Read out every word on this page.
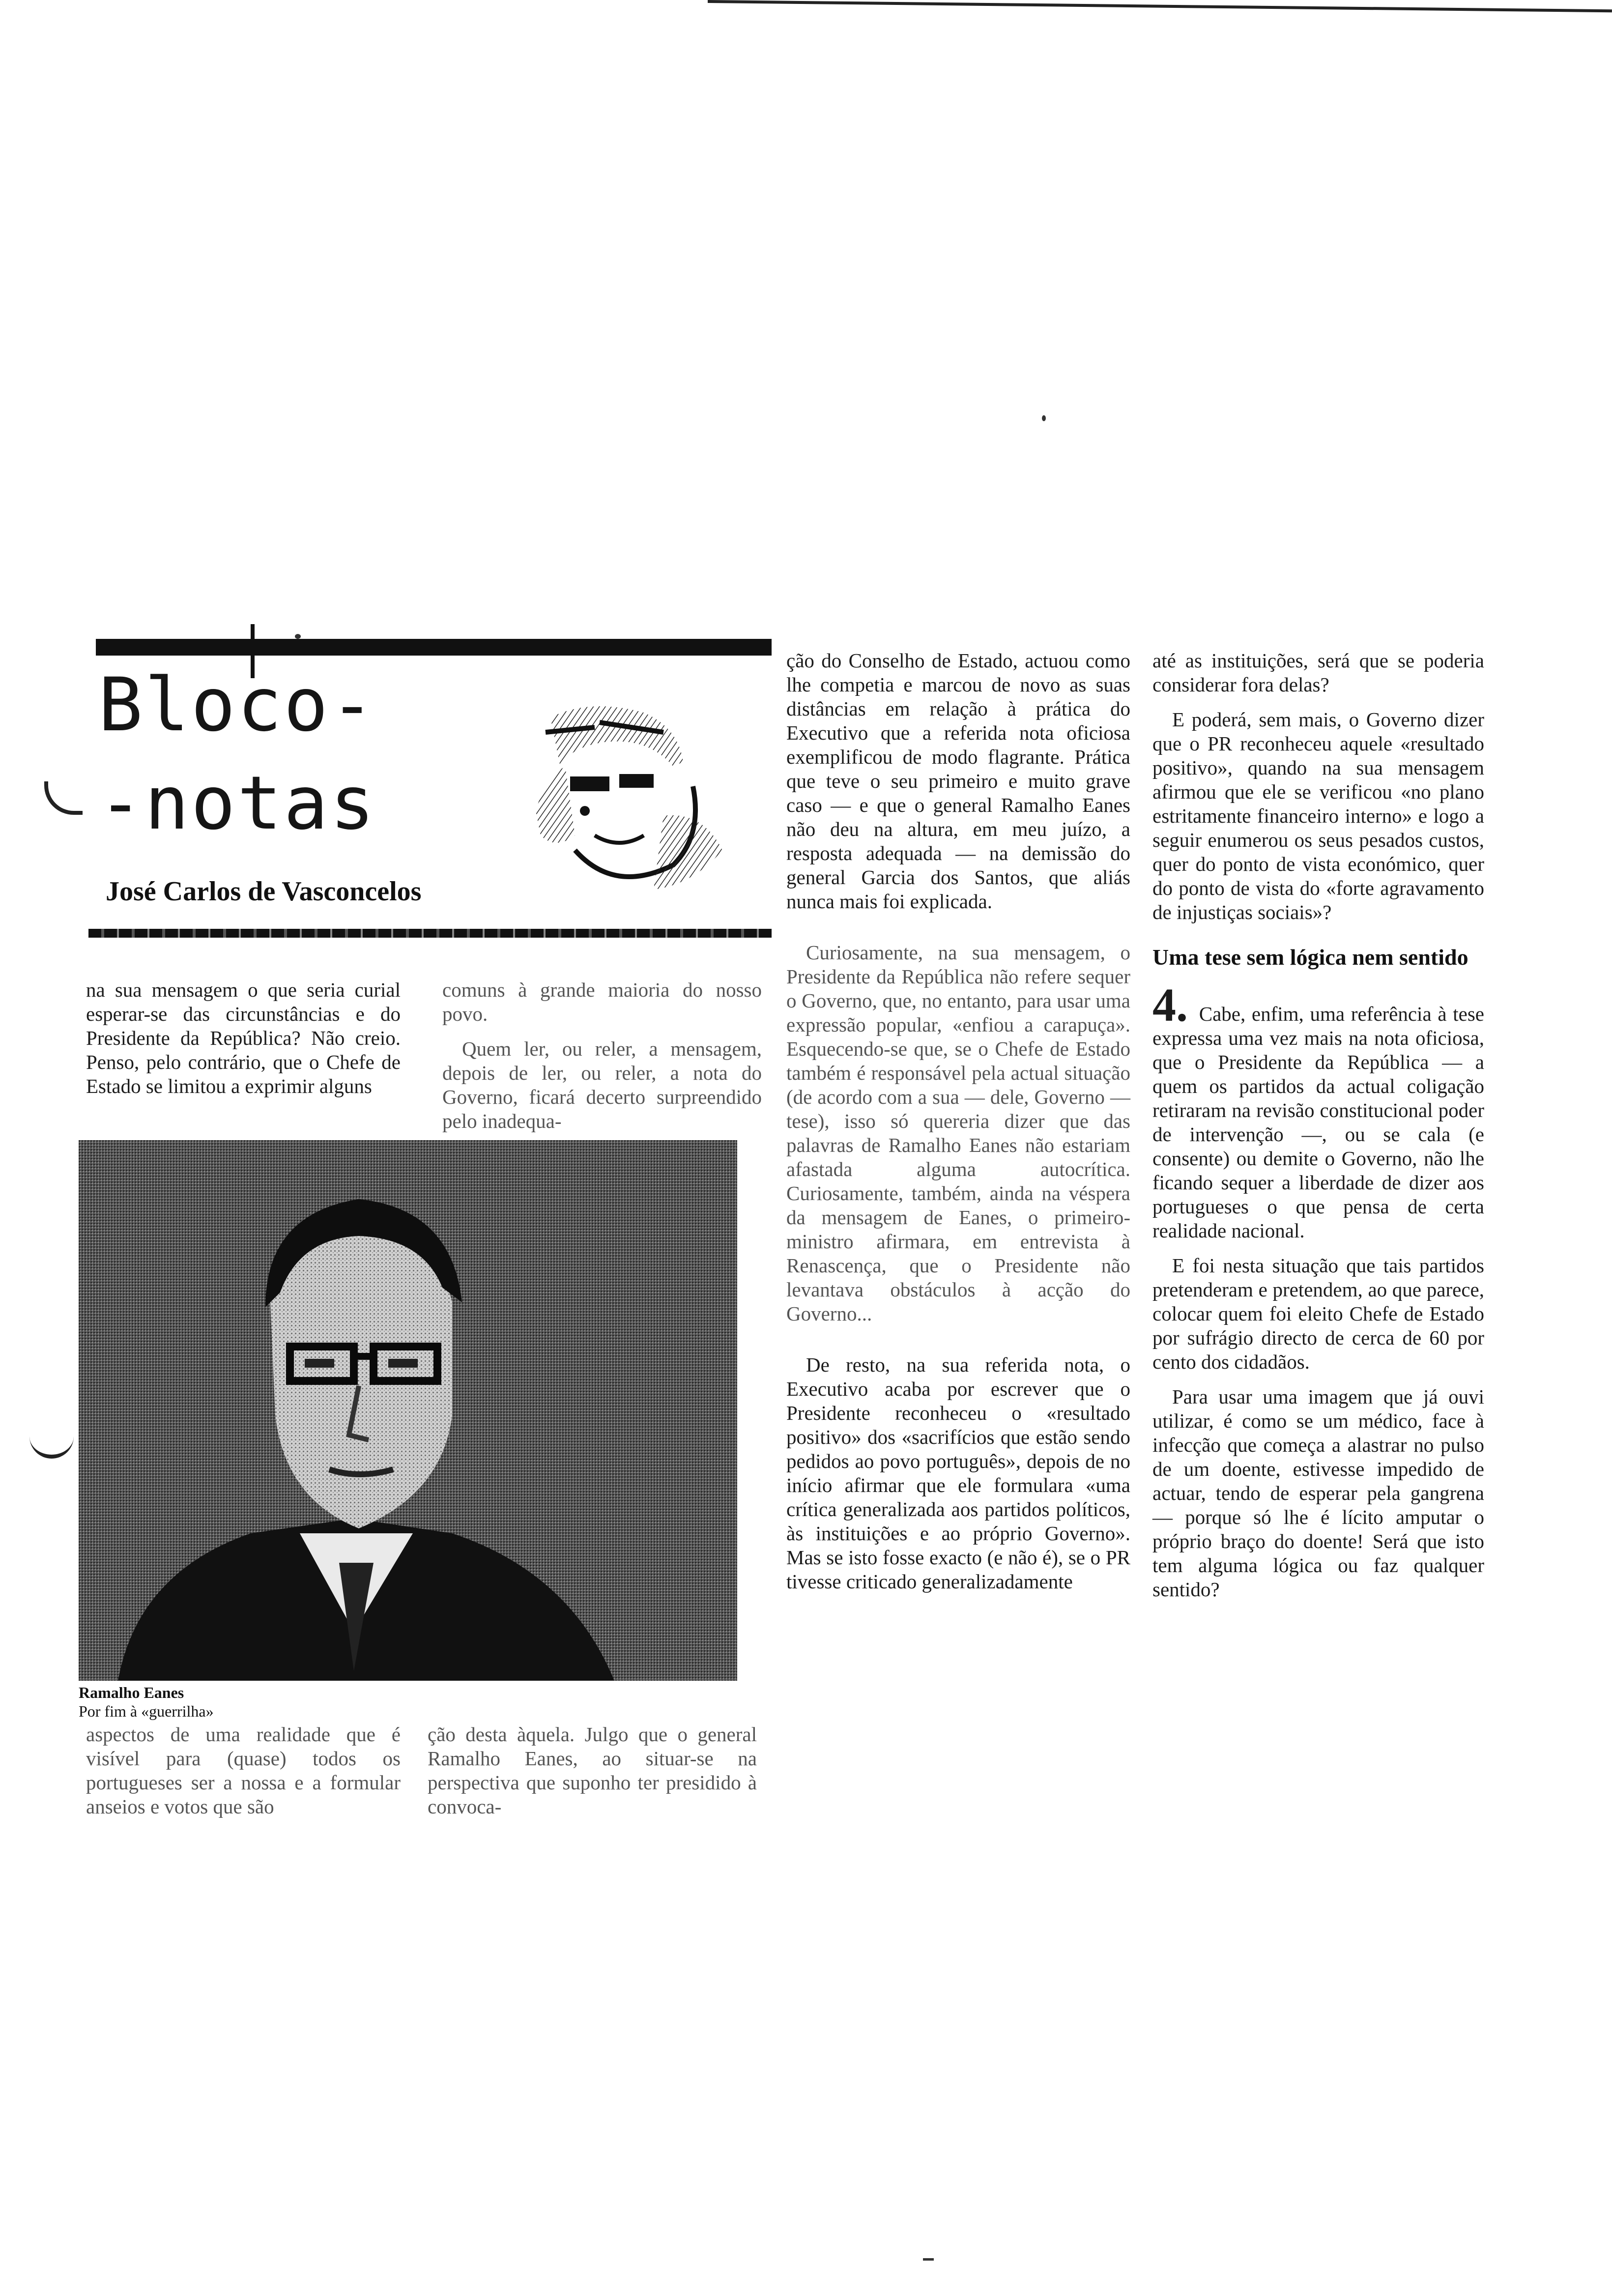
Bloco-
-notas
José Carlos de Vasconcelos

na sua mensagem o que seria curial esperar-se das circunstâncias e do Presidente da República? Não creio. Penso, pelo contrário, que o Chefe de Estado se limitou a exprimir alguns

comuns à grande maioria do nosso povo.

Quem ler, ou reler, a mensagem, depois de ler, ou reler, a nota do Governo, ficará decerto surpreendido pelo inadequa-

Ramalho Eanes
Por fim à «guerrilha»

aspectos de uma realidade que é visível para (quase) todos os portugueses ser a nossa e a formular anseios e votos que são

ção desta àquela. Julgo que o general Ramalho Eanes, ao situar-se na perspectiva que suponho ter presidido à convoca-

ção do Conselho de Estado, actuou como lhe competia e marcou de novo as suas distâncias em relação à prática do Executivo que a referida nota oficiosa exemplificou de modo flagrante. Prática que teve o seu primeiro e muito grave caso — e que o general Ramalho Eanes não deu na altura, em meu juízo, a resposta adequada — na demissão do general Garcia dos Santos, que aliás nunca mais foi explicada.

Curiosamente, na sua mensagem, o Presidente da República não refere sequer o Governo, que, no entanto, para usar uma expressão popular, «enfiou a carapuça». Esquecendo-se que, se o Chefe de Estado também é responsável pela actual situação (de acordo com a sua — dele, Governo — tese), isso só quereria dizer que das palavras de Ramalho Eanes não estariam afastada alguma autocrítica. Curiosamente, também, ainda na véspera da mensagem de Eanes, o primeiro-ministro afirmara, em entrevista à Renascença, que o Presidente não levantava obstáculos à acção do Governo...

De resto, na sua referida nota, o Executivo acaba por escrever que o Presidente reconheceu o «resultado positivo» dos «sacrifícios que estão sendo pedidos ao povo português», depois de no início afirmar que ele formulara «uma crítica generalizada aos partidos políticos, às instituições e ao próprio Governo». Mas se isto fosse exacto (e não é), se o PR tivesse criticado generalizadamente

até as instituições, será que se poderia considerar fora delas?

E poderá, sem mais, o Governo dizer que o PR reconheceu aquele «resultado positivo», quando na sua mensagem afirmou que ele se verificou «no plano estritamente financeiro interno» e logo a seguir enumerou os seus pesados custos, quer do ponto de vista económico, quer do ponto de vista do «forte agravamento de injustiças sociais»?

Uma tese sem lógica nem sentido

4. Cabe, enfim, uma referência à tese expressa uma vez mais na nota oficiosa, que o Presidente da República — a quem os partidos da actual coligação retiraram na revisão constitucional poder de intervenção —, ou se cala (e consente) ou demite o Governo, não lhe ficando sequer a liberdade de dizer aos portugueses o que pensa de certa realidade nacional.

E foi nesta situação que tais partidos pretenderam e pretendem, ao que parece, colocar quem foi eleito Chefe de Estado por sufrágio directo de cerca de 60 por cento dos cidadãos.

Para usar uma imagem que já ouvi utilizar, é como se um médico, face à infecção que começa a alastrar no pulso de um doente, estivesse impedido de actuar, tendo de esperar pela gangrena — porque só lhe é lícito amputar o próprio braço do doente! Será que isto tem alguma lógica ou faz qualquer sentido?
